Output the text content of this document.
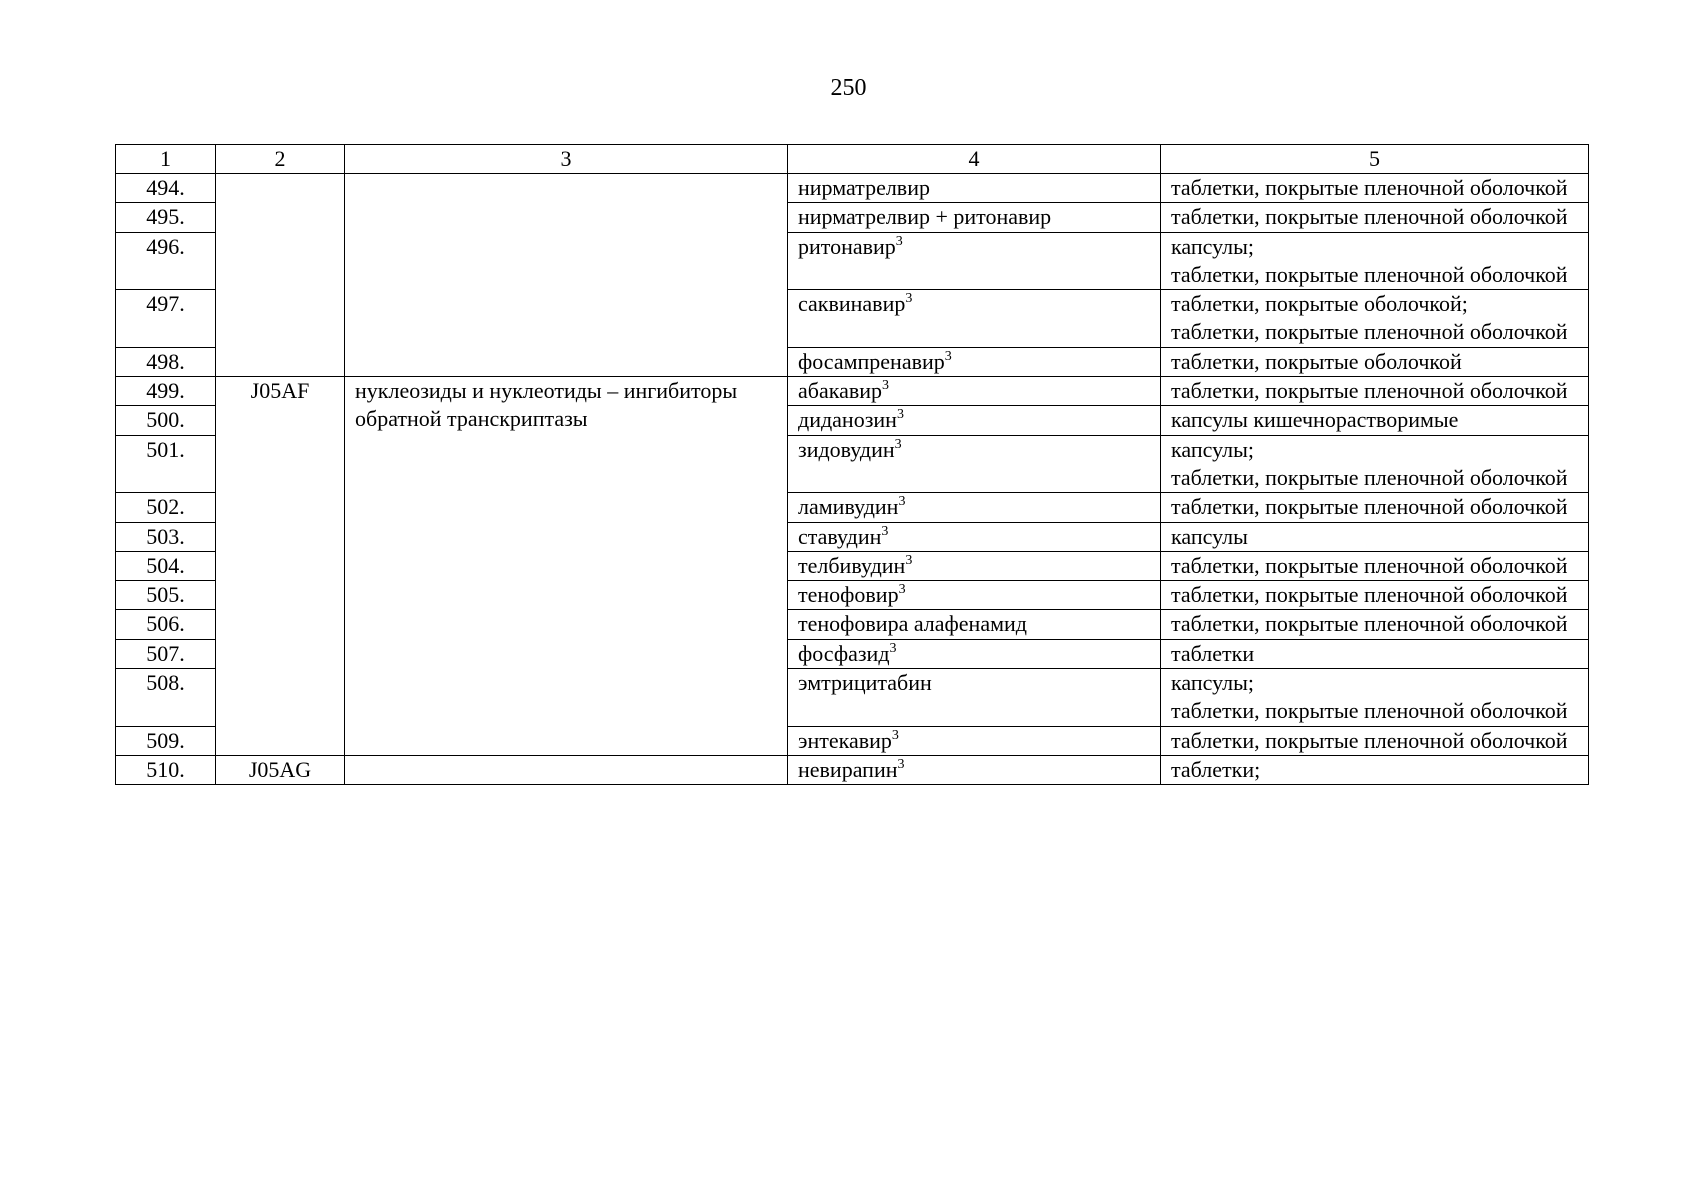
250
1	2	3	4	5
494.			нирматрелвир	таблетки, покрытые пленочной оболочкой

495.			нирматрелвир + ритонавир	таблетки, покрытые пленочной оболочкой

496.			ритонавир$^3$	капсулы;
таблетки, покрытые пленочной оболочкой

497.			саквинавир$^3$	таблетки, покрытые оболочкой;
таблетки, покрытые пленочной оболочкой

498.			фосампренавир$^3$	таблетки, покрытые оболочкой

499.	J05AF	нуклеозиды и нуклеотиды – ингибиторы обратной транскриптазы	абакавир$^3$	таблетки, покрытые пленочной оболочкой

500.			диданозин$^3$	капсулы кишечнорастворимые

501.			зидовудин$^3$	капсулы;
таблетки, покрытые пленочной оболочкой

502.			ламивудин$^3$	таблетки, покрытые пленочной оболочкой

503.			ставудин$^3$	капсулы

504.			телбивудин$^3$	таблетки, покрытые пленочной оболочкой

505.			тенофовир$^3$	таблетки, покрытые пленочной оболочкой

506.			тенофовира алафенамид	таблетки, покрытые пленочной оболочкой

507.			фосфазид$^3$	таблетки

508.			эмтрицитабин	капсулы;
таблетки, покрытые пленочной оболочкой

509.			энтекавир$^3$	таблетки, покрытые пленочной оболочкой

510.	J05AG		невирапин$^3$	таблетки;
